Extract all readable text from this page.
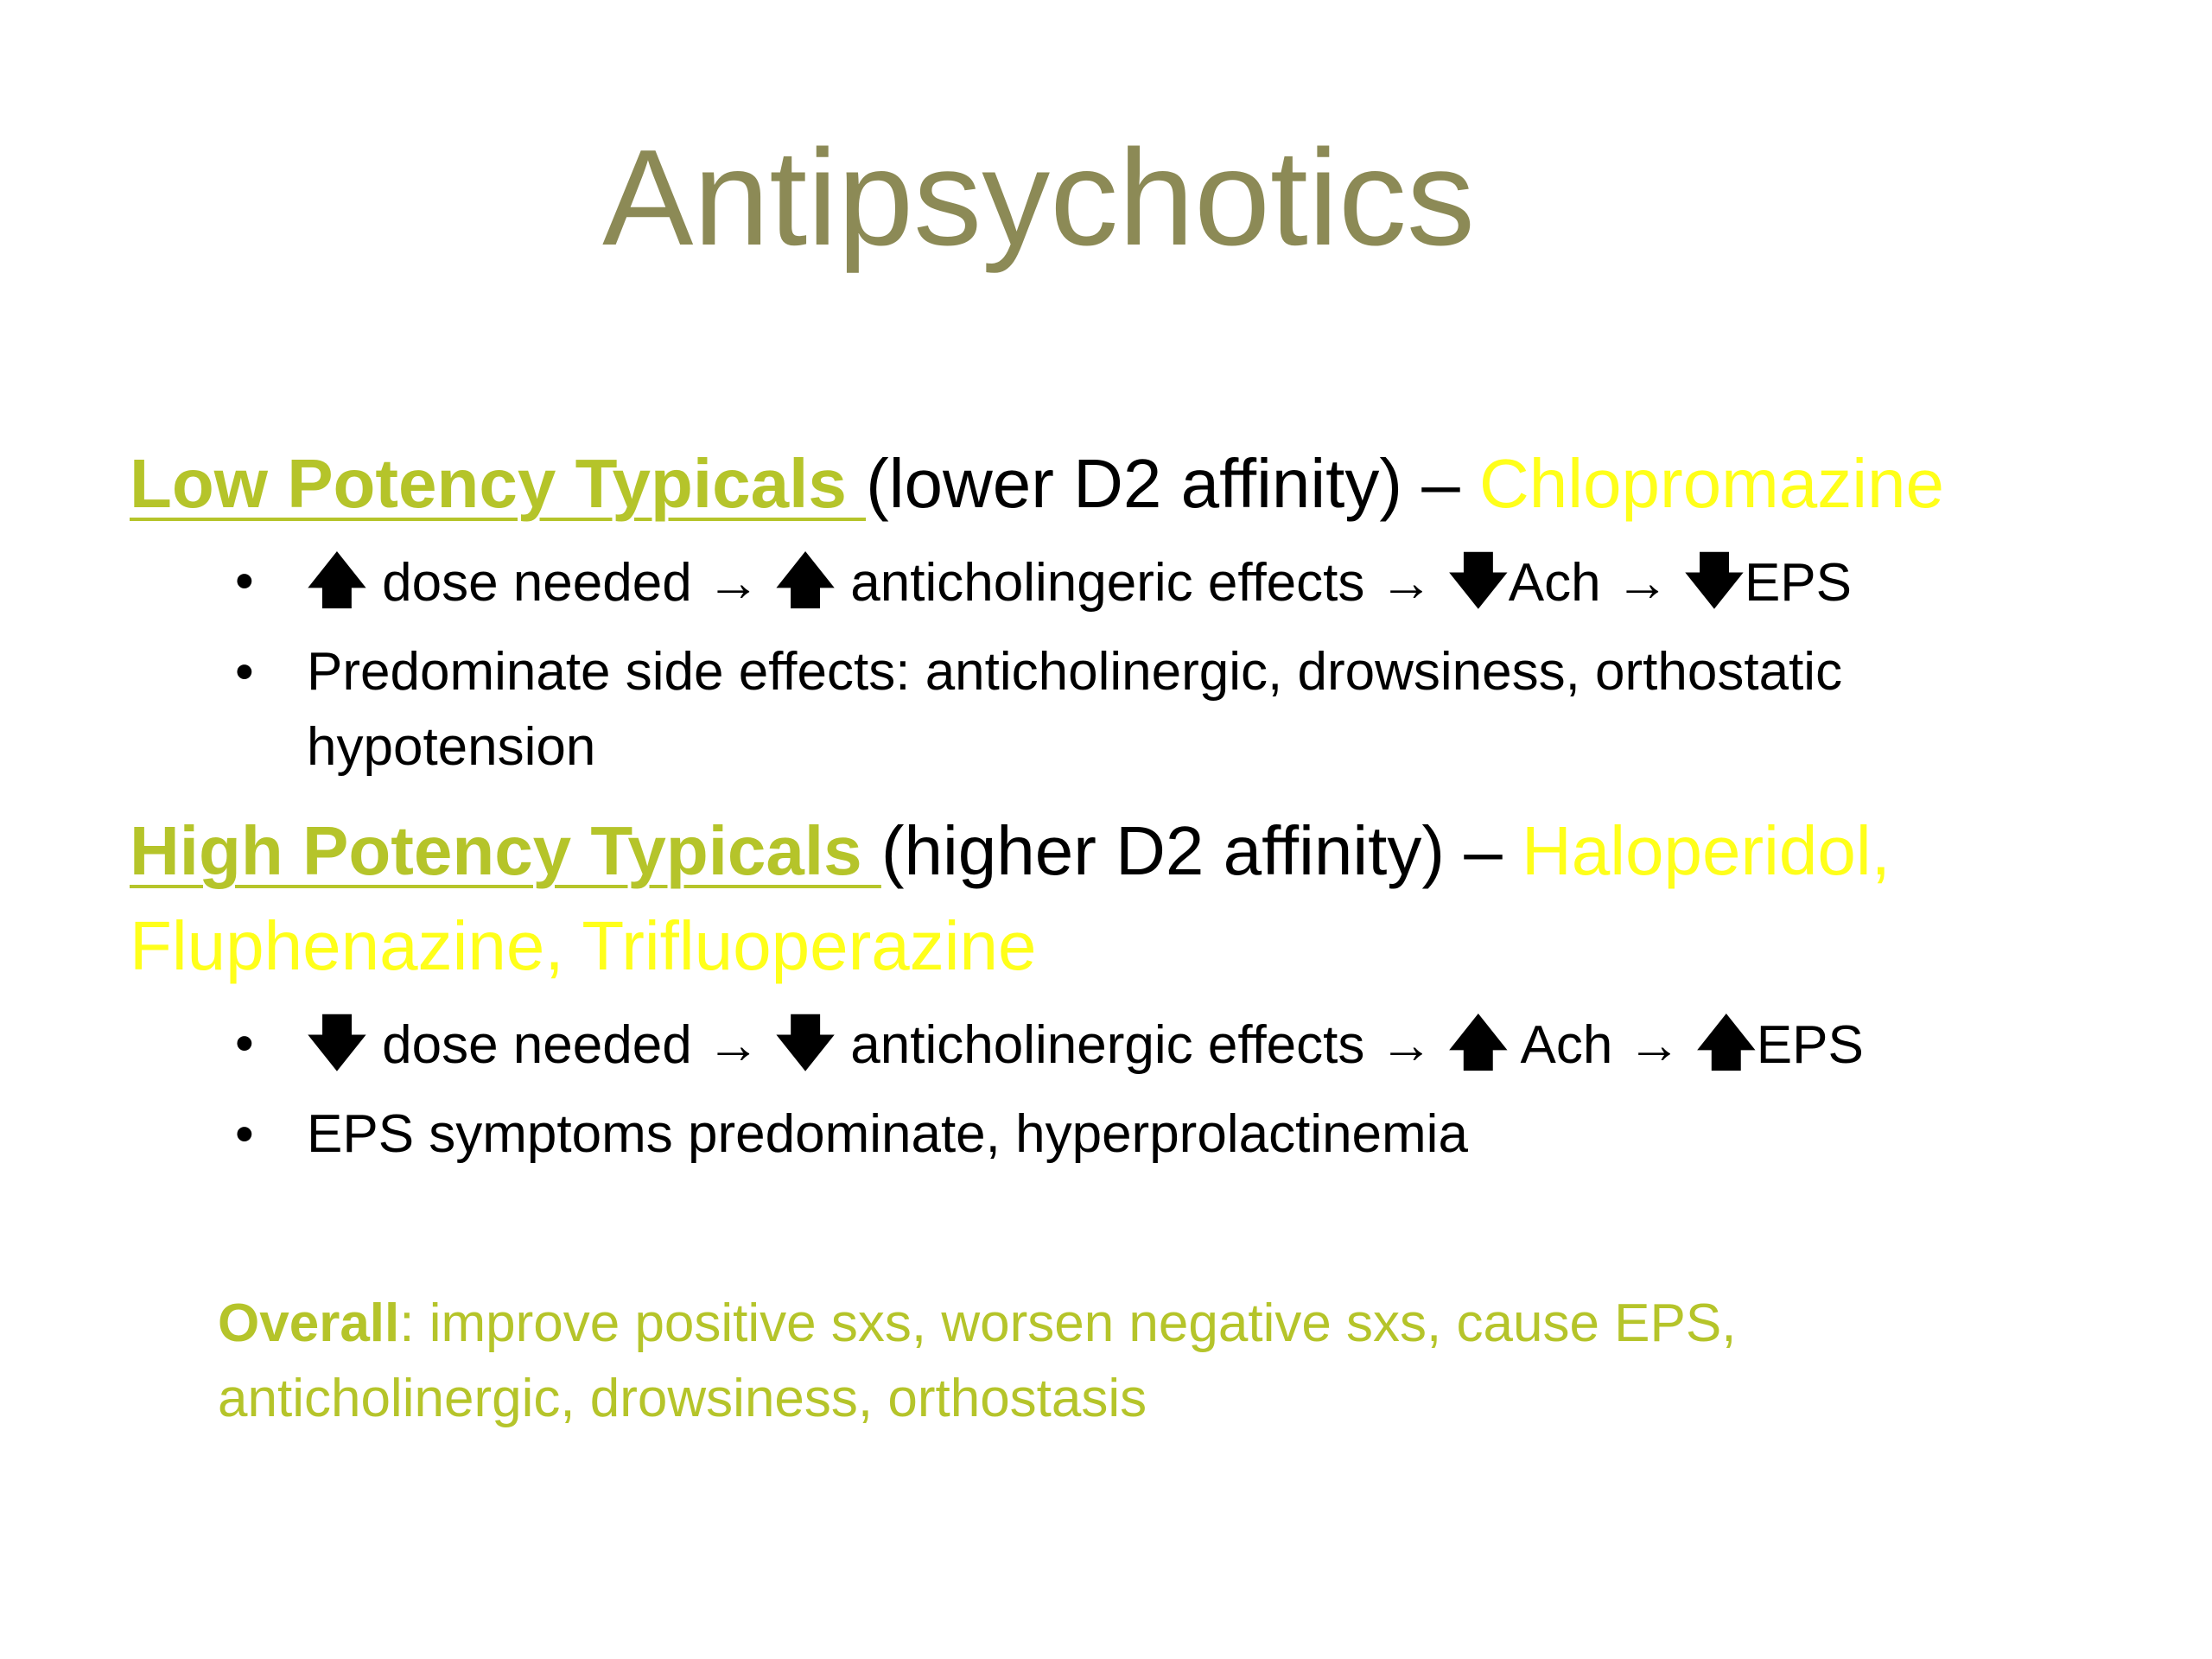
Antipsychotics
Low Potency Typicals (lower D2 affinity) – Chlopromazine
• 🡅 dose needed → 🡅 anticholingeric effects → 🡇Ach → 🡇EPS
• Predominate side effects: anticholinergic, drowsiness, orthostatic hypotension
High Potency Typicals (higher D2 affinity) – Haloperidol, Fluphenazine, Trifluoperazine
• 🡇 dose needed → 🡇 anticholinergic effects → 🡅 Ach → 🡅EPS
• EPS symptoms predominate, hyperprolactinemia
Overall: improve positive sxs, worsen negative sxs, cause EPS, anticholinergic, drowsiness, orthostasis
